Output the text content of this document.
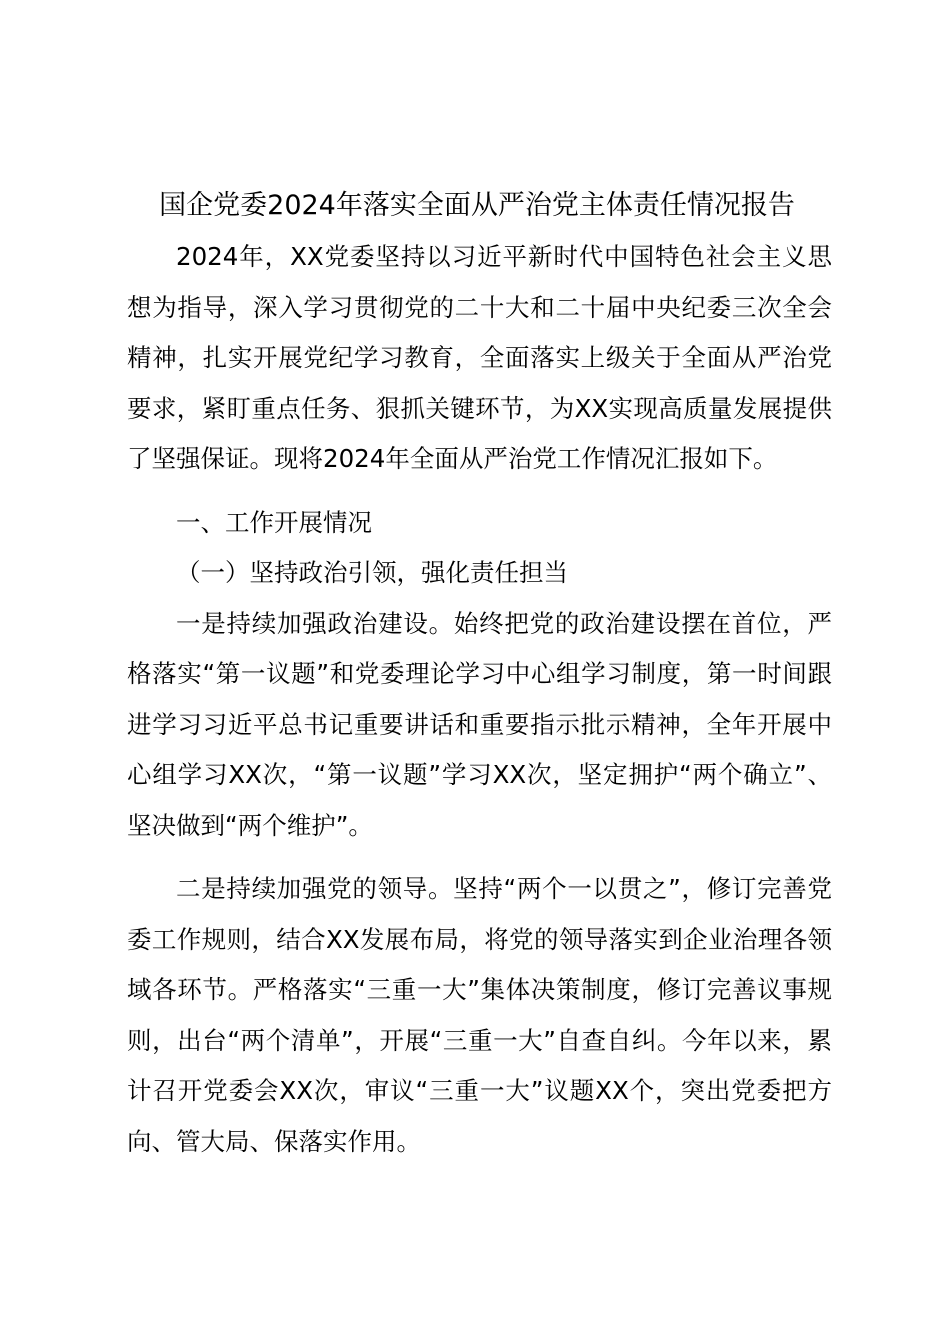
国企党委2024年落实全面从严治党主体责任情况报告

2024年，XX党委坚持以习近平新时代中国特色社会主义思想为指导，深入学习贯彻党的二十大和二十届中央纪委三次全会精神，扎实开展党纪学习教育，全面落实上级关于全面从严治党要求，紧盯重点任务、狠抓关键环节，为XX实现高质量发展提供了坚强保证。现将2024年全面从严治党工作情况汇报如下。

一、工作开展情况

（一）坚持政治引领，强化责任担当

一是持续加强政治建设。始终把党的政治建设摆在首位，严格落实“第一议题”和党委理论学习中心组学习制度，第一时间跟进学习习近平总书记重要讲话和重要指示批示精神，全年开展中心组学习XX次，“第一议题”学习XX次，坚定拥护“两个确立”、坚决做到“两个维护”。

二是持续加强党的领导。坚持“两个一以贯之”，修订完善党委工作规则，结合XX发展布局，将党的领导落实到企业治理各领域各环节。严格落实“三重一大”集体决策制度，修订完善议事规则，出台“两个清单”，开展“三重一大”自查自纠。今年以来，累计召开党委会XX次，审议“三重一大”议题XX个，突出党委把方向、管大局、保落实作用。
